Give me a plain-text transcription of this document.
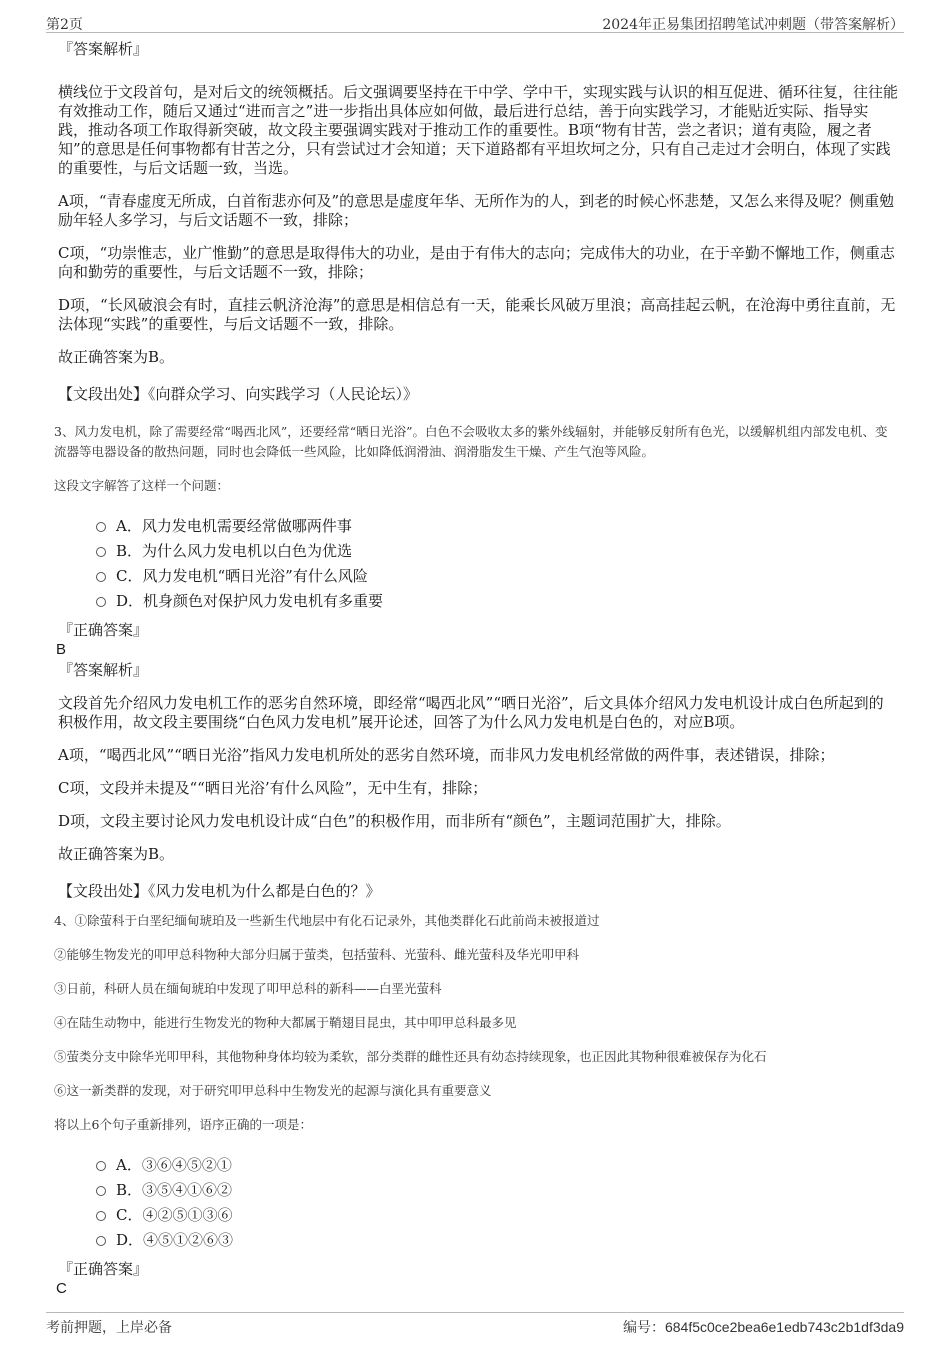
第2页	2024年正易集团招聘笔试冲刺题（带答案解析）

『答案解析』

横线位于文段首句，是对后文的统领概括。后文强调要坚持在干中学、学中干，实现实践与认识的相互促进、循环往复，往往能有效推动工作，随后又通过“进而言之”进一步指出具体应如何做，最后进行总结，善于向实践学习，才能贴近实际、指导实践，推动各项工作取得新突破，故文段主要强调实践对于推动工作的重要性。B项“物有甘苦，尝之者识；道有夷险，履之者知”的意思是任何事物都有甘苦之分，只有尝试过才会知道；天下道路都有平坦坎坷之分，只有自己走过才会明白，体现了实践的重要性，与后文话题一致，当选。

A项，“青春虚度无所成，白首衔悲亦何及”的意思是虚度年华、无所作为的人，到老的时候心怀悲楚，又怎么来得及呢？侧重勉励年轻人多学习，与后文话题不一致，排除；

C项，“功崇惟志，业广惟勤”的意思是取得伟大的功业，是由于有伟大的志向；完成伟大的功业，在于辛勤不懈地工作，侧重志向和勤劳的重要性，与后文话题不一致，排除；

D项，“长风破浪会有时，直挂云帆济沧海”的意思是相信总有一天，能乘长风破万里浪；高高挂起云帆，在沧海中勇往直前，无法体现“实践”的重要性，与后文话题不一致，排除。

故正确答案为B。

【文段出处】《向群众学习、向实践学习（人民论坛）》

3、风力发电机，除了需要经常“喝西北风”，还要经常“晒日光浴”。白色不会吸收太多的紫外线辐射，并能够反射所有色光，以缓解机组内部发电机、变流器等电器设备的散热问题，同时也会降低一些风险，比如降低润滑油、润滑脂发生干燥、产生气泡等风险。

这段文字解答了这样一个问题：

A．风力发电机需要经常做哪两件事
B．为什么风力发电机以白色为优选
C．风力发电机“晒日光浴”有什么风险
D．机身颜色对保护风力发电机有多重要

『正确答案』

B

『答案解析』

文段首先介绍风力发电机工作的恶劣自然环境，即经常“喝西北风”“晒日光浴”，后文具体介绍风力发电机设计成白色所起到的积极作用，故文段主要围绕“白色风力发电机”展开论述，回答了为什么风力发电机是白色的，对应B项。

A项，“喝西北风”“晒日光浴”指风力发电机所处的恶劣自然环境，而非风力发电机经常做的两件事，表述错误，排除；

C项，文段并未提及““晒日光浴’有什么风险”，无中生有，排除；

D项，文段主要讨论风力发电机设计成“白色”的积极作用，而非所有“颜色”，主题词范围扩大，排除。

故正确答案为B。

【文段出处】《风力发电机为什么都是白色的？》

4、①除萤科于白垩纪缅甸琥珀及一些新生代地层中有化石记录外，其他类群化石此前尚未被报道过

②能够生物发光的叩甲总科物种大部分归属于萤类，包括萤科、光萤科、雌光萤科及华光叩甲科

③日前，科研人员在缅甸琥珀中发现了叩甲总科的新科——白垩光萤科

④在陆生动物中，能进行生物发光的物种大都属于鞘翅目昆虫，其中叩甲总科最多见

⑤萤类分支中除华光叩甲科，其他物种身体均较为柔软，部分类群的雌性还具有幼态持续现象，也正因此其物种很难被保存为化石

⑥这一新类群的发现，对于研究叩甲总科中生物发光的起源与演化具有重要意义

将以上6个句子重新排列，语序正确的一项是：

A．③⑥④⑤②①
B．③⑤④①⑥②
C．④②⑤①③⑥
D．④⑤①②⑥③

『正确答案』

C

考前押题，上岸必备	编号：684f5c0ce2bea6e1edb743c2b1df3da9
